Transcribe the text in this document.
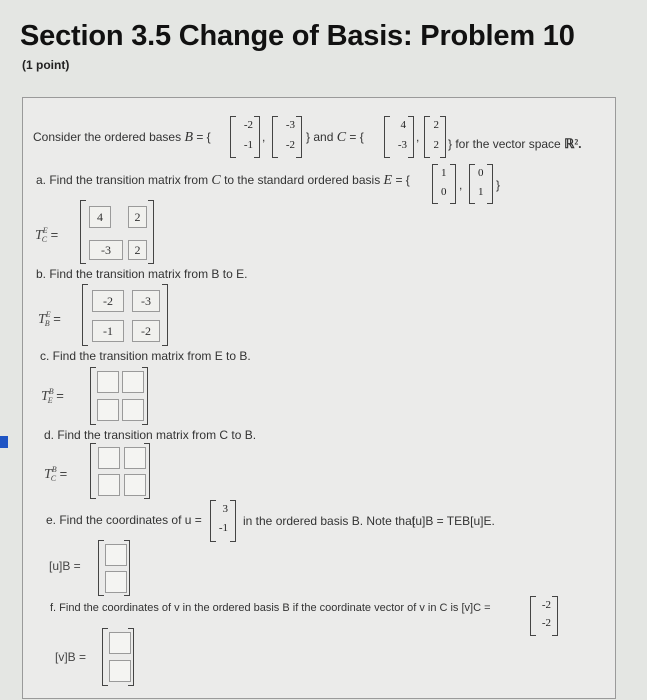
Section 3.5 Change of Basis: Problem 10
(1 point)
Consider the ordered bases B = {
-2
-1
,
-3
-2
} and C = {
4
-3
,
2
2 } for the vector space ℝ².
a. Find the transition matrix from C to the standard ordered basis E = {	1
0 ,
0
1 }
$T^E_C$ =
4	2
-3	2
b. Find the transition matrix from B to E.
$T^E_B$ =
-2	-3
-1	-2
c. Find the transition matrix from E to B.
$T^B_E$ =
d. Find the transition matrix from C to B.
$T^B_C$ =
e. Find the coordinates of u =
3
-1 in the ordered basis B. Note that
[u]B = TEB[u]E.
[u]B =
f. Find the coordinates of v in the ordered basis B if the coordinate vector of v in C is [v]C =	-2
-2
[v]B =
